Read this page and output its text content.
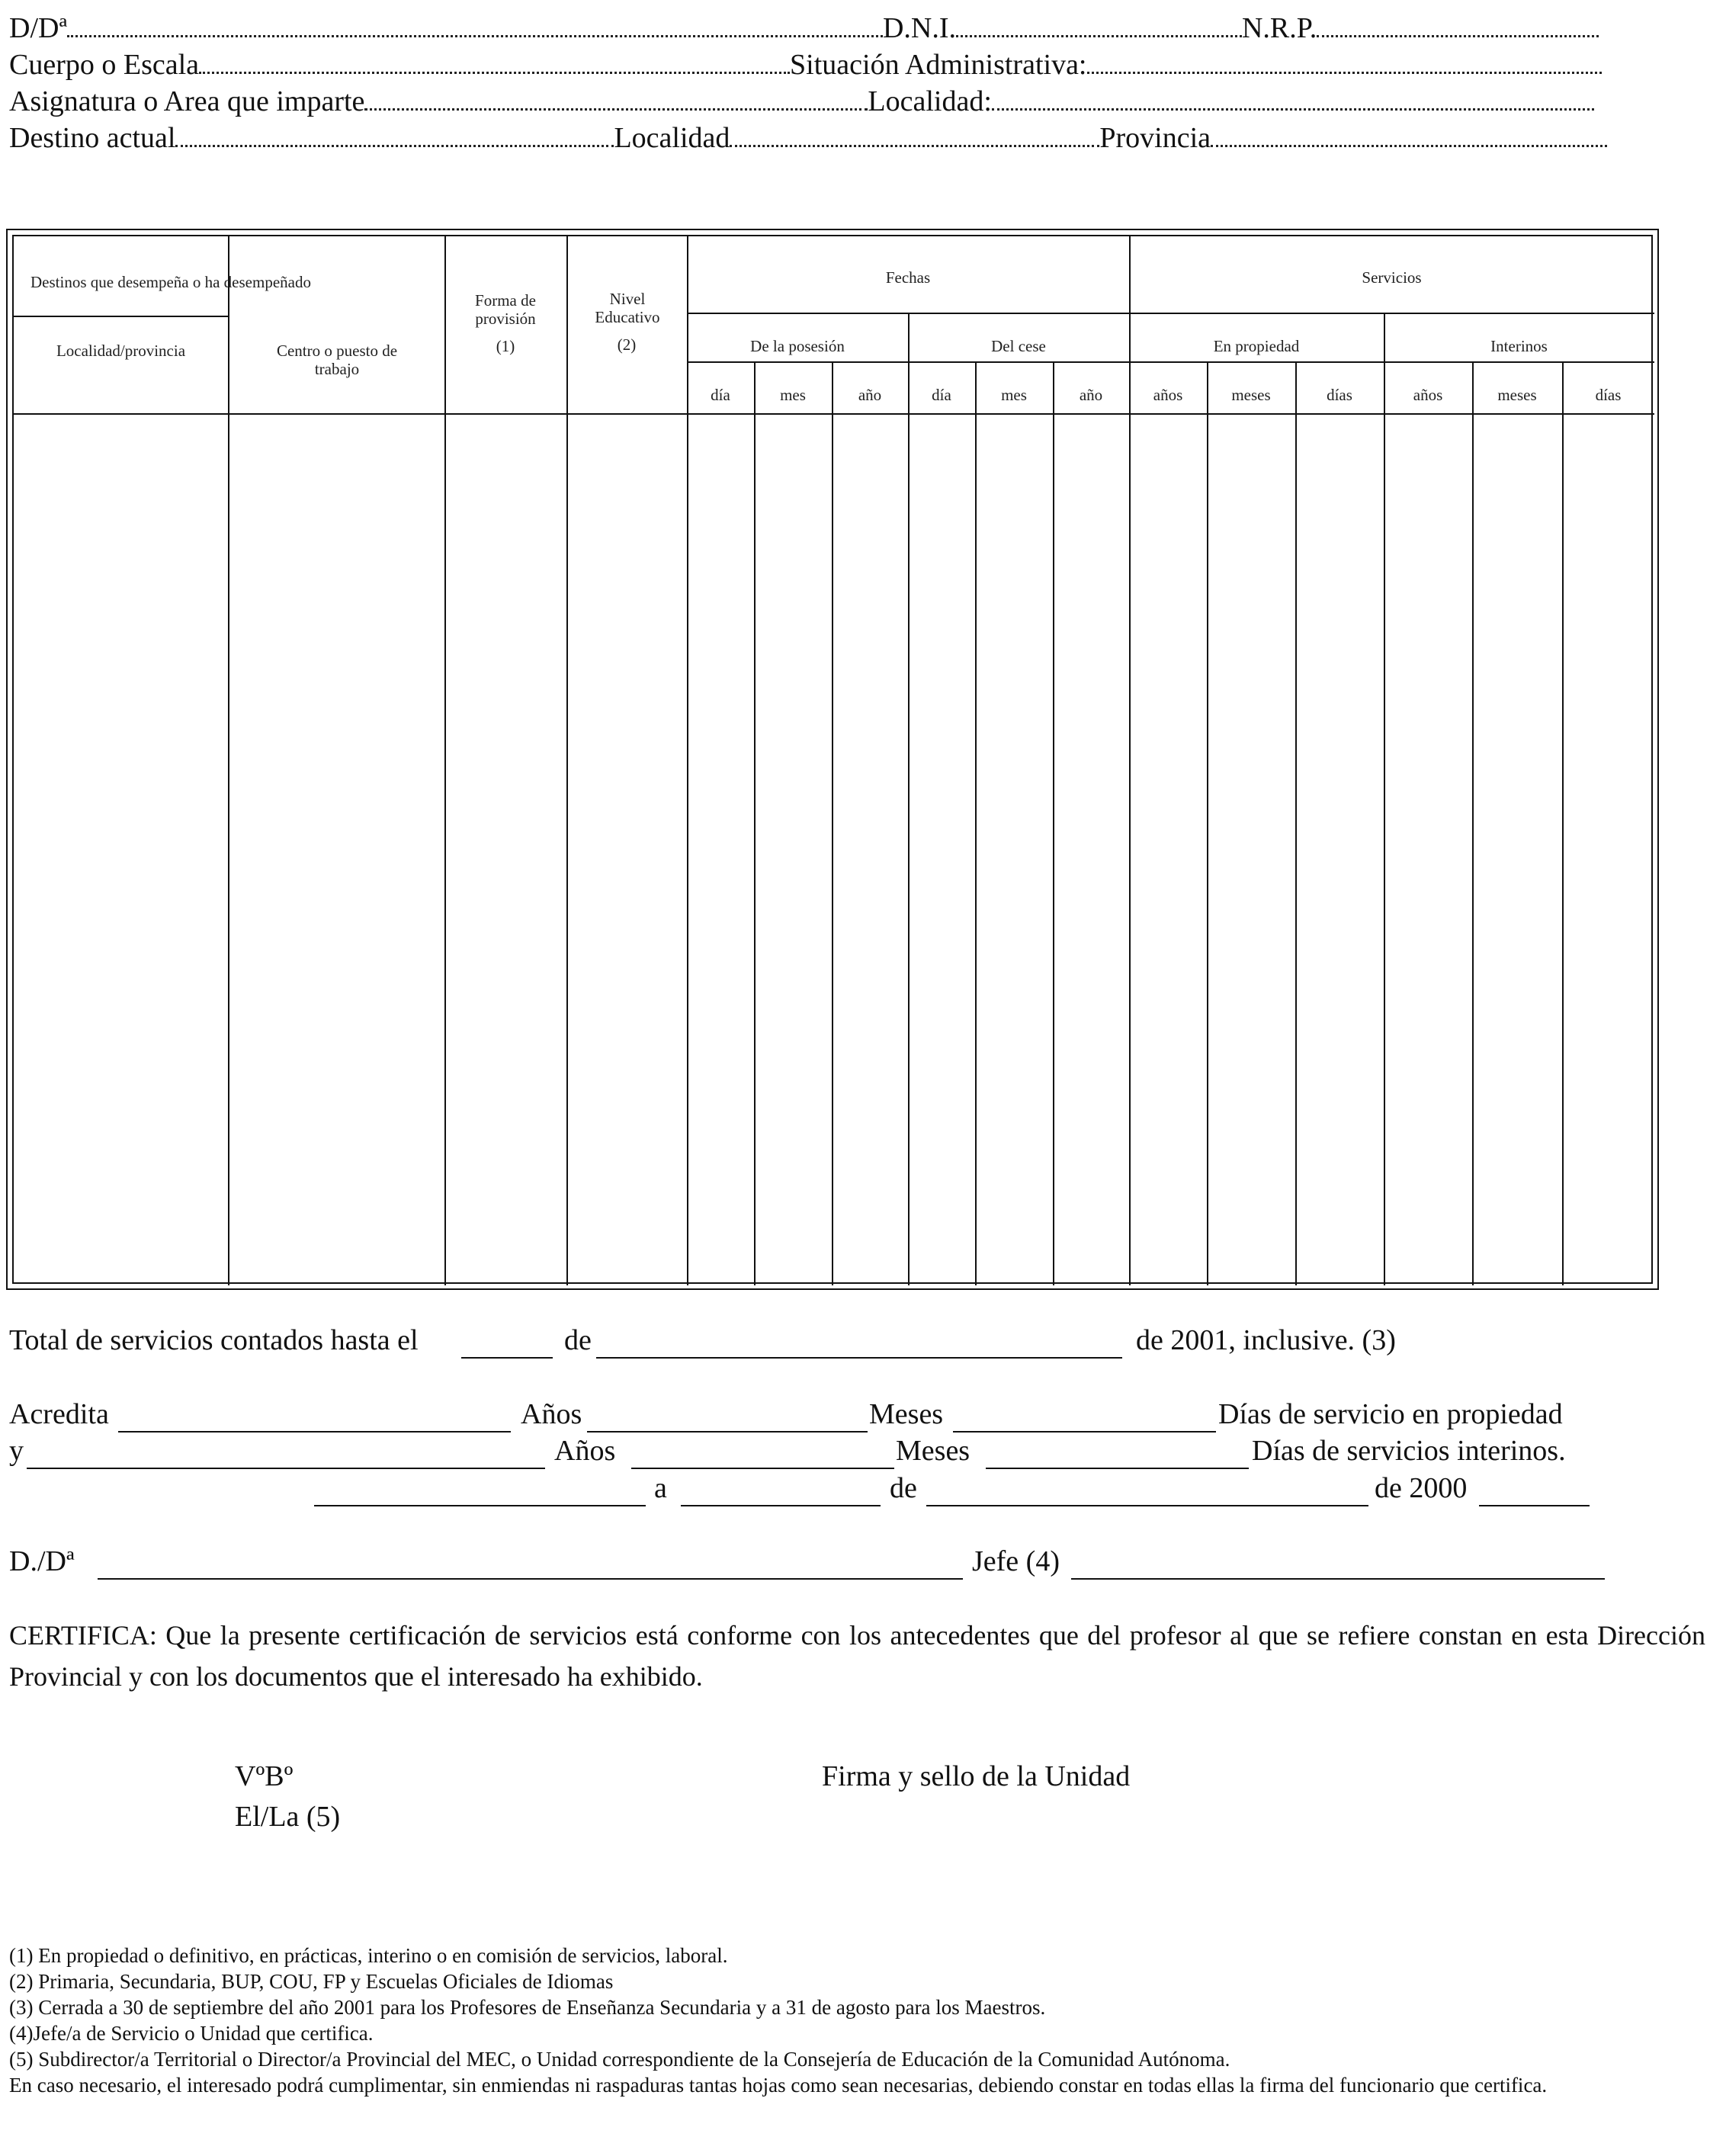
D/Dª	D.N.I.	N.R.P.
Cuerpo o Escala	Situación Administrativa:
Asignatura o Area que imparte	Localidad:
Destino actual	Localidad	Provincia
Destinos que desempeña o ha desempeñado
Localidad/provincia	Centro o puesto de trabajo
Forma de provisión
(1)
Nivel Educativo
(2)
Fechas	Servicios
De la posesión	Del cese	En propiedad	Interinos
día	mes	año	día	mes	año	años	meses	días	años	meses	días
Total de servicios contados hasta el	de	de 2001, inclusive. (3)
Acredita	Años	Meses	Días de servicio en propiedad
y	Años	Meses	Días de servicios interinos.
a	de	de 2000
D./Dª	Jefe (4)
CERTIFICA: Que la presente certificación de servicios está conforme con los antecedentes que del profesor al que se refiere constan en esta Dirección Provincial y con los documentos que el interesado ha exhibido.
VºBº
El/La (5)
Firma y sello de la Unidad
(1) En propiedad o definitivo, en prácticas, interino o en comisión de servicios, laboral.
(2) Primaria, Secundaria, BUP, COU, FP y Escuelas Oficiales de Idiomas
(3) Cerrada a 30 de septiembre del año 2001 para los Profesores de Enseñanza Secundaria y a 31 de agosto para los Maestros.
(4)Jefe/a de Servicio o Unidad que certifica.
(5) Subdirector/a Territorial o Director/a Provincial del MEC, o Unidad correspondiente de la Consejería de Educación de la Comunidad Autónoma.
En caso necesario, el interesado podrá cumplimentar, sin enmiendas ni raspaduras tantas hojas como sean necesarias, debiendo constar en todas ellas la firma del funcionario que certifica.
